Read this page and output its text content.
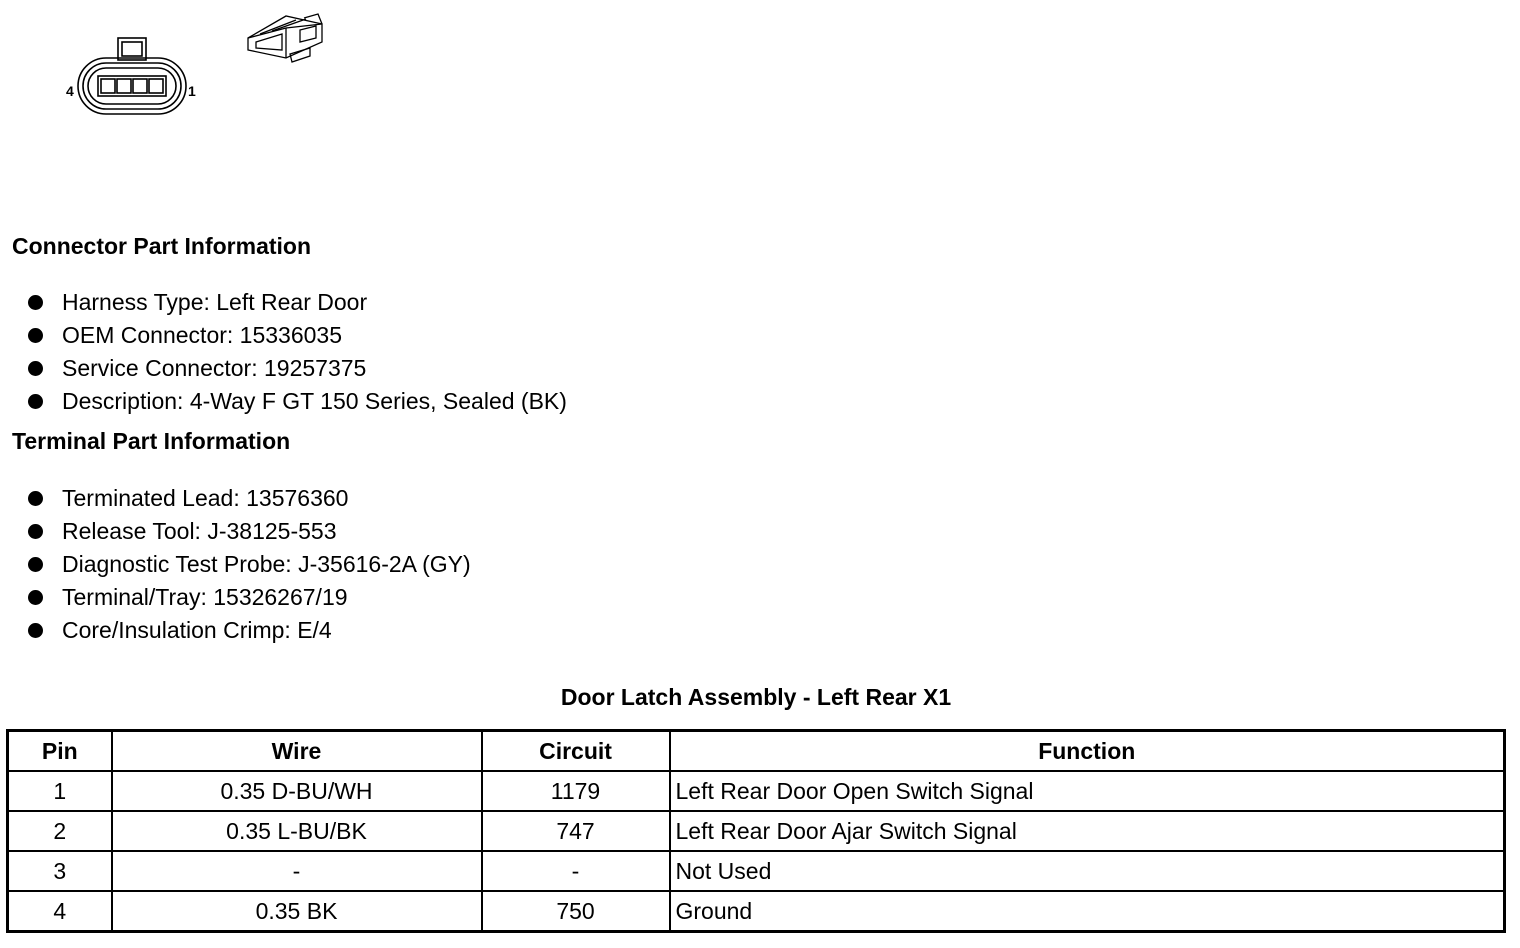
4	1
Connector Part Information
Harness Type: Left Rear Door
OEM Connector: 15336035
Service Connector: 19257375
Description: 4-Way F GT 150 Series, Sealed (BK)
Terminal Part Information
Terminated Lead: 13576360
Release Tool: J-38125-553
Diagnostic Test Probe: J-35616-2A (GY)
Terminal/Tray: 15326267/19
Core/Insulation Crimp: E/4
Door Latch Assembly - Left Rear X1
Pin	Wire	Circuit	Function
1	0.35 D-BU/WH	1179	Left Rear Door Open Switch Signal
2	0.35 L-BU/BK	747	Left Rear Door Ajar Switch Signal
3	-	-	Not Used
4	0.35 BK	750	Ground
